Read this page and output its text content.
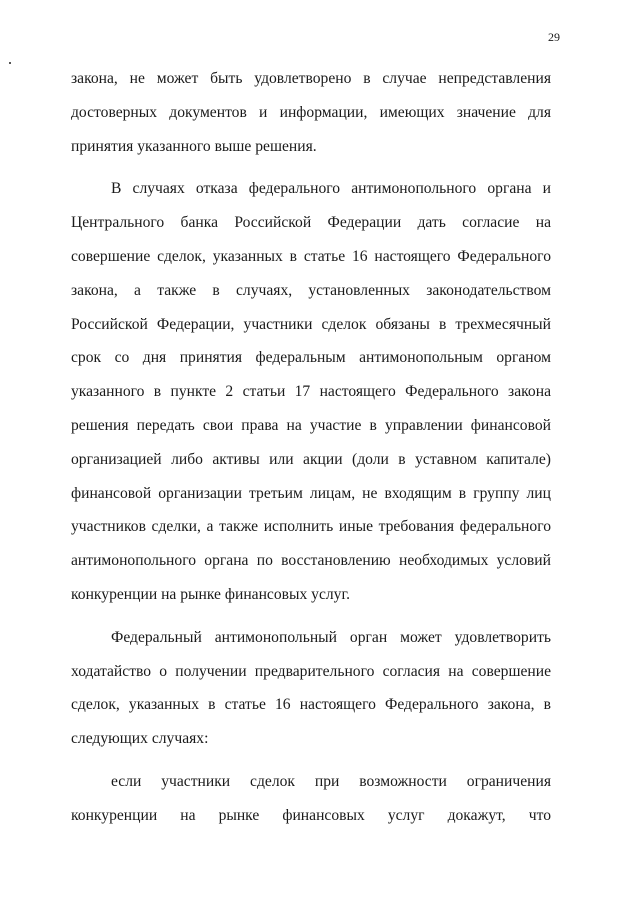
29
закона, не может быть удовлетворено в случае непредставления
достоверных документов и информации, имеющих значение для
принятия указанного выше решения.
В случаях отказа федерального антимонопольного органа и
Центрального банка Российской Федерации дать согласие на
совершение сделок, указанных в статье 16 настоящего Федерального
закона, а также в случаях, установленных законодательством
Российской Федерации, участники сделок обязаны в трехмесячный
срок со дня принятия федеральным антимонопольным органом
указанного в пункте 2 статьи 17 настоящего Федерального закона
решения передать свои права на участие в управлении финансовой
организацией либо активы или акции (доли в уставном капитале)
финансовой организации третьим лицам, не входящим в группу лиц
участников сделки, а также исполнить иные требования федерального
антимонопольного органа по восстановлению необходимых условий
конкуренции на рынке финансовых услуг.
Федеральный антимонопольный орган может удовлетворить
ходатайство о получении предварительного согласия на совершение
сделок, указанных в статье 16 настоящего Федерального закона, в
следующих случаях:
если участники сделок при возможности ограничения
конкуренции на рынке финансовых услуг докажут, что
